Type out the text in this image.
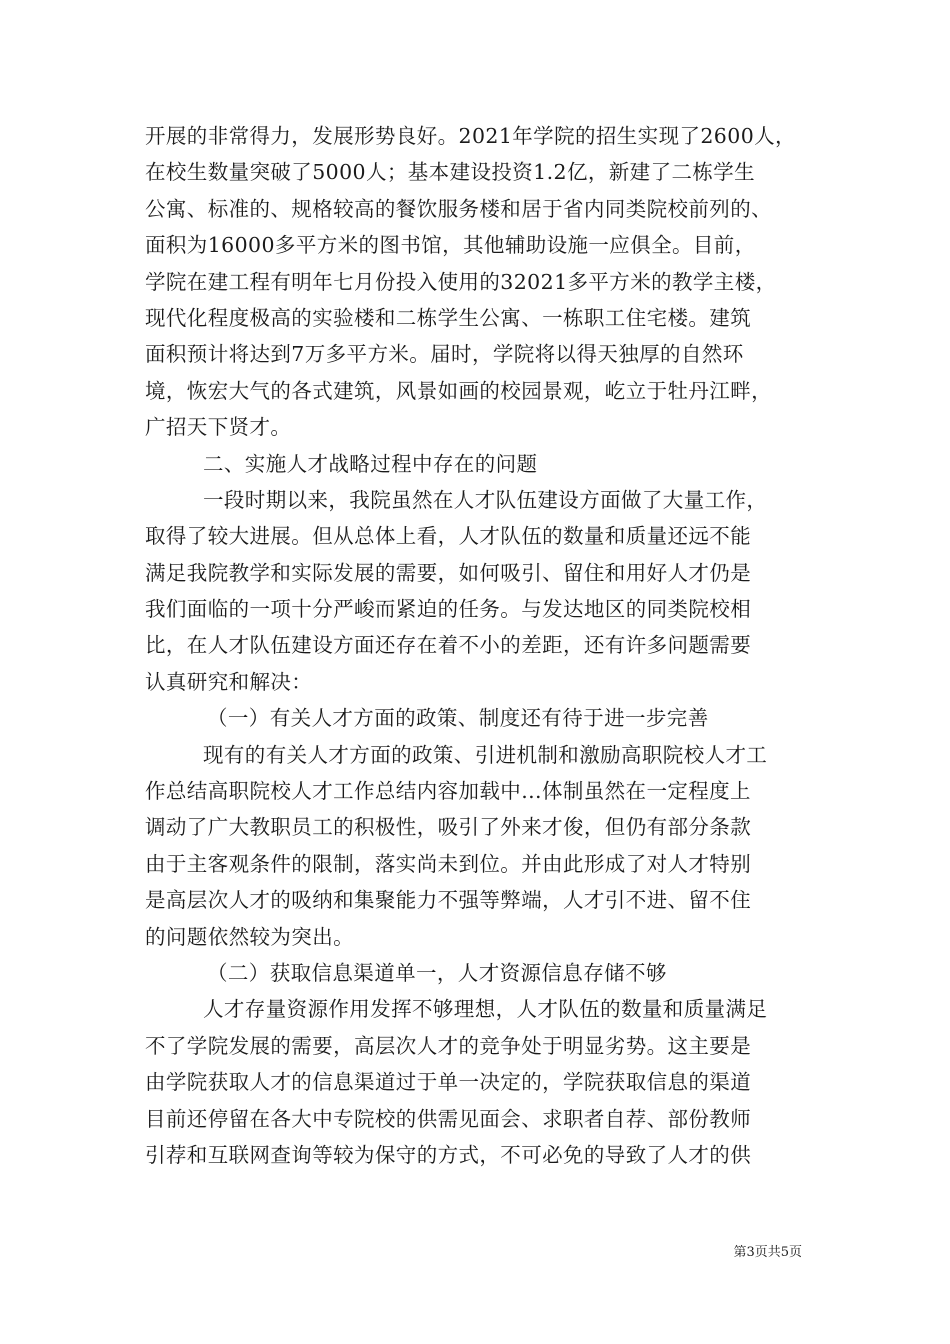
开展的非常得力，发展形势良好。2021年学院的招生实现了2600人，
在校生数量突破了5000人；基本建设投资1.2亿，新建了二栋学生
公寓、标准的、规格较高的餐饮服务楼和居于省内同类院校前列的、
面积为16000多平方米的图书馆，其他辅助设施一应俱全。目前，
学院在建工程有明年七月份投入使用的32021多平方米的教学主楼，
现代化程度极高的实验楼和二栋学生公寓、一栋职工住宅楼。建筑
面积预计将达到7万多平方米。届时，学院将以得天独厚的自然环
境，恢宏大气的各式建筑，风景如画的校园景观，屹立于牡丹江畔，
广招天下贤才。
二、实施人才战略过程中存在的问题
一段时期以来，我院虽然在人才队伍建设方面做了大量工作，
取得了较大进展。但从总体上看，人才队伍的数量和质量还远不能
满足我院教学和实际发展的需要，如何吸引、留住和用好人才仍是
我们面临的一项十分严峻而紧迫的任务。与发达地区的同类院校相
比，在人才队伍建设方面还存在着不小的差距，还有许多问题需要
认真研究和解决：
（一）有关人才方面的政策、制度还有待于进一步完善
现有的有关人才方面的政策、引进机制和激励高职院校人才工
作总结高职院校人才工作总结内容加载中...体制虽然在一定程度上
调动了广大教职员工的积极性，吸引了外来才俊，但仍有部分条款
由于主客观条件的限制，落实尚未到位。并由此形成了对人才特别
是高层次人才的吸纳和集聚能力不强等弊端，人才引不进、留不住
的问题依然较为突出。
（二）获取信息渠道单一，人才资源信息存储不够
人才存量资源作用发挥不够理想，人才队伍的数量和质量满足
不了学院发展的需要，高层次人才的竞争处于明显劣势。这主要是
由学院获取人才的信息渠道过于单一决定的，学院获取信息的渠道
目前还停留在各大中专院校的供需见面会、求职者自荐、部份教师
引荐和互联网查询等较为保守的方式，不可必免的导致了人才的供
第3页共5页
